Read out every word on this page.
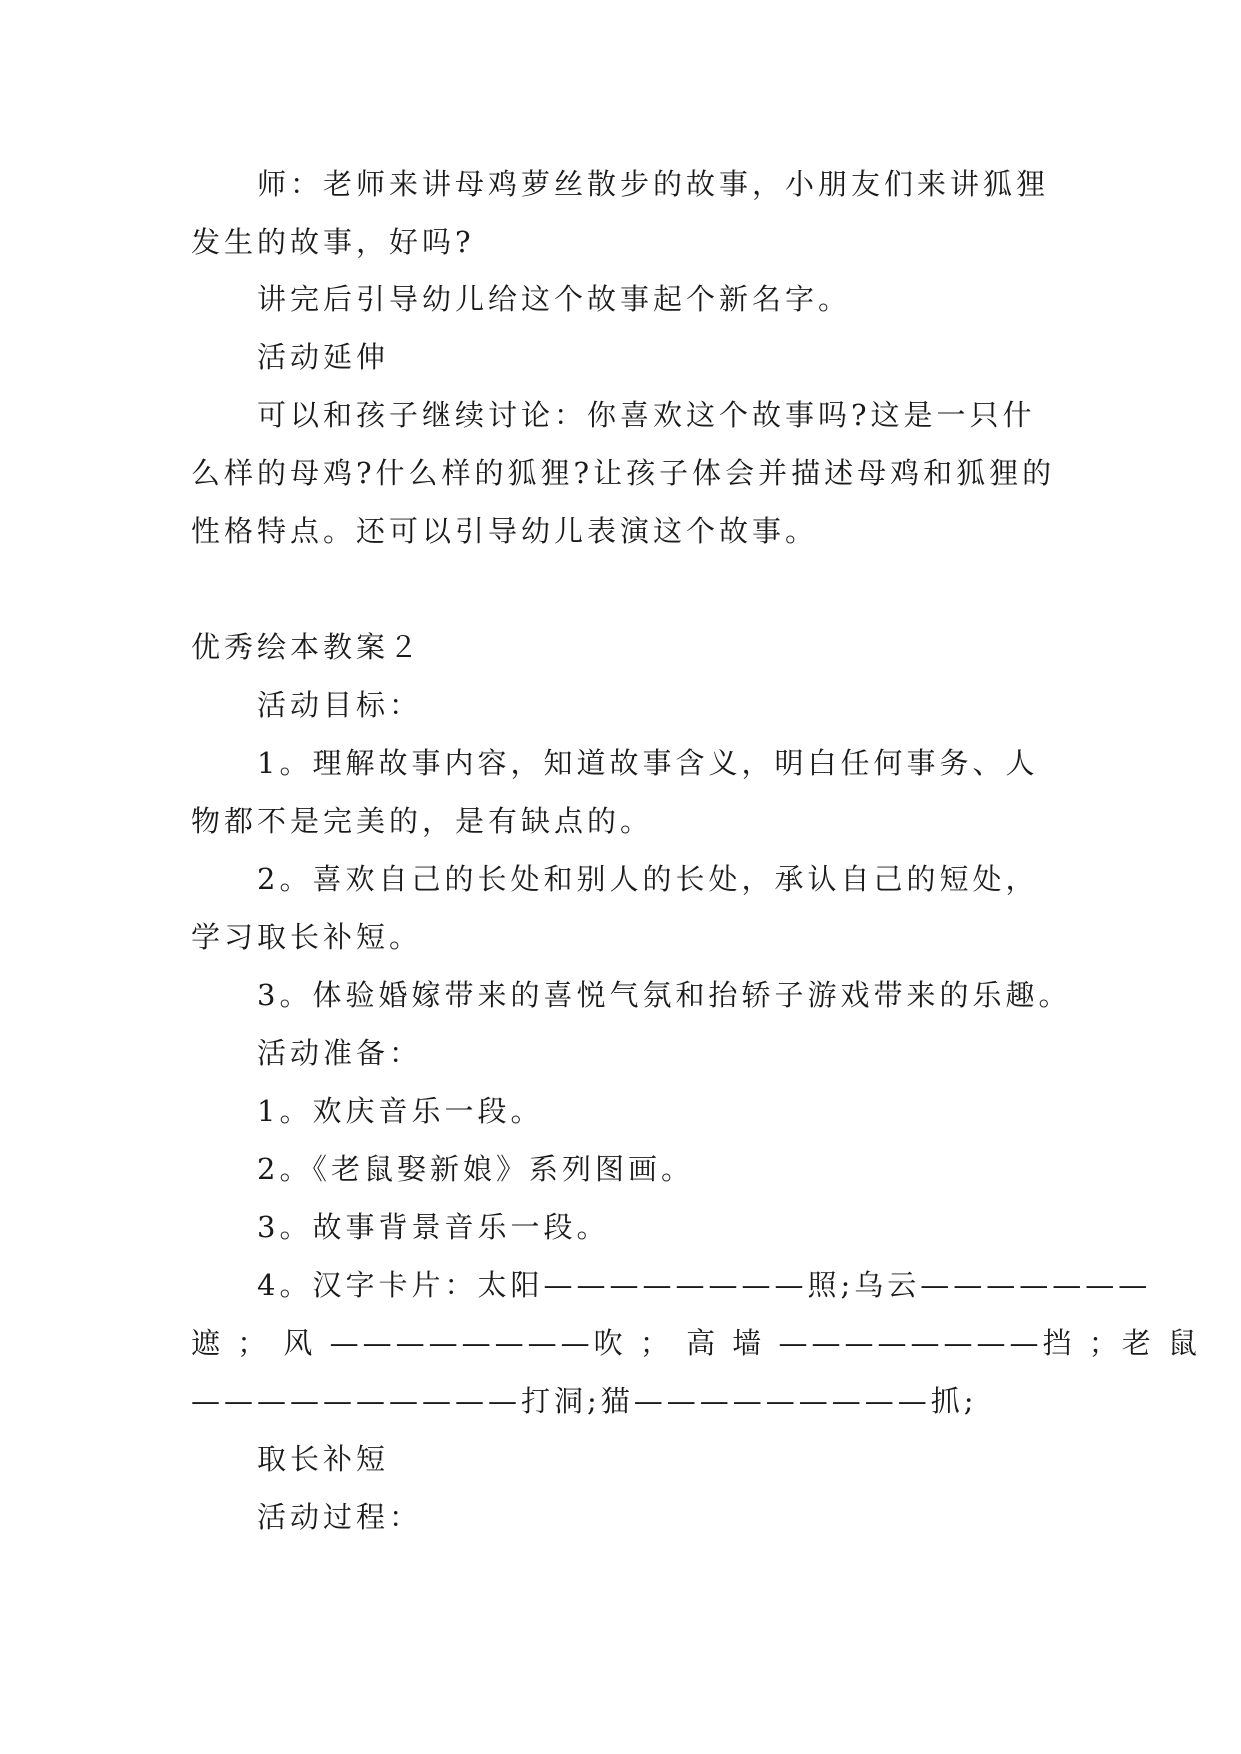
师：老师来讲母鸡萝丝散步的故事，小朋友们来讲狐狸
发生的故事，好吗?
讲完后引导幼儿给这个故事起个新名字。
活动延伸
可以和孩子继续讨论：你喜欢这个故事吗?这是一只什
么样的母鸡?什么样的狐狸?让孩子体会并描述母鸡和狐狸的
性格特点。还可以引导幼儿表演这个故事。
优秀绘本教案２
活动目标：
1。理解故事内容，知道故事含义，明白任何事务、人
物都不是完美的，是有缺点的。
2。喜欢自己的长处和别人的长处，承认自己的短处，
学习取长补短。
3。体验婚嫁带来的喜悦气氛和抬轿子游戏带来的乐趣。
活动准备：
1。欢庆音乐一段。
2。《老鼠娶新娘》系列图画。
3。故事背景音乐一段。
4。汉字卡片：太阳————————照;乌云———————
遮 ； 风 ————————吹 ； 高 墙 ————————挡 ；老 鼠
——————————打洞;猫—————————抓;
取长补短
活动过程：
